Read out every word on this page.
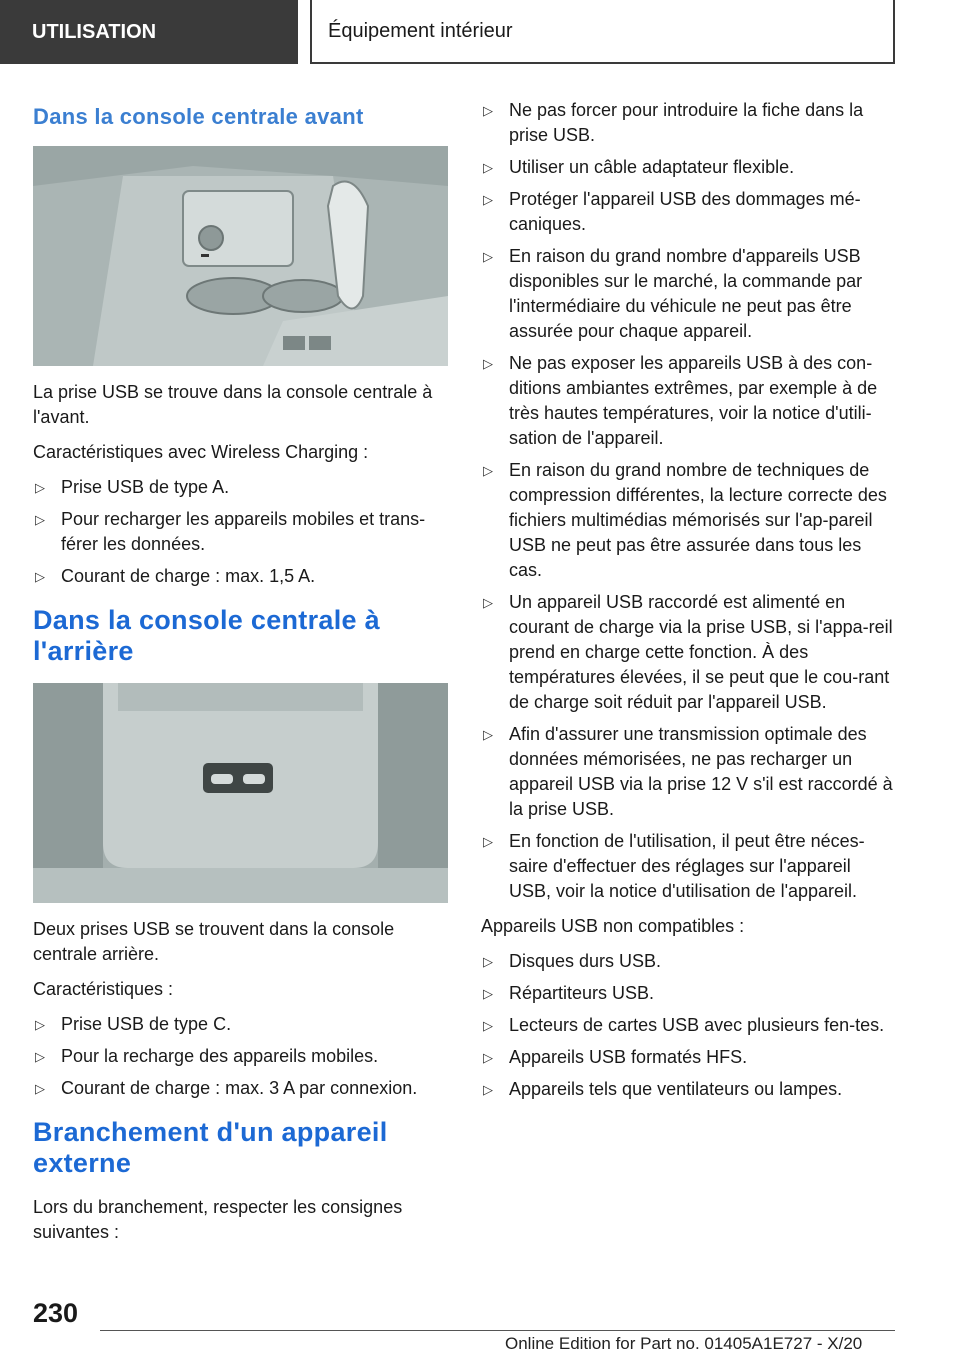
UTILISATION	Équipement intérieur
Dans la console centrale avant

La prise USB se trouve dans la console centrale à l'avant.

Caractéristiques avec Wireless Charging :

▷ Prise USB de type A.
▷ Pour recharger les appareils mobiles et trans-férer les données.
▷ Courant de charge : max. 1,5 A.
Dans la console centrale à l'arrière

Deux prises USB se trouvent dans la console centrale arrière.

Caractéristiques :

▷ Prise USB de type C.
▷ Pour la recharge des appareils mobiles.
▷ Courant de charge : max. 3 A par connexion.
Branchement d'un appareil externe

Lors du branchement, respecter les consignes suivantes :

▷ Ne pas forcer pour introduire la fiche dans la prise USB.
▷ Utiliser un câble adaptateur flexible.
▷ Protéger l'appareil USB des dommages mé-caniques.
▷ En raison du grand nombre d'appareils USB disponibles sur le marché, la commande par l'intermédiaire du véhicule ne peut pas être assurée pour chaque appareil.
▷ Ne pas exposer les appareils USB à des con-ditions ambiantes extrêmes, par exemple à de très hautes températures, voir la notice d'utili-sation de l'appareil.
▷ En raison du grand nombre de techniques de compression différentes, la lecture correcte des fichiers multimédias mémorisés sur l'ap-pareil USB ne peut pas être assurée dans tous les cas.
▷ Un appareil USB raccordé est alimenté en courant de charge via la prise USB, si l'appa-reil prend en charge cette fonction. À des températures élevées, il se peut que le cou-rant de charge soit réduit par l'appareil USB.
▷ Afin d'assurer une transmission optimale des données mémorisées, ne pas recharger un appareil USB via la prise 12 V s'il est raccordé à la prise USB.
▷ En fonction de l'utilisation, il peut être néces-saire d'effectuer des réglages sur l'appareil USB, voir la notice d'utilisation de l'appareil.

Appareils USB non compatibles :

▷ Disques durs USB.
▷ Répartiteurs USB.
▷ Lecteurs de cartes USB avec plusieurs fen-tes.
▷ Appareils USB formatés HFS.
▷ Appareils tels que ventilateurs ou lampes.
230
Online Edition for Part no. 01405A1E727 - X/20
